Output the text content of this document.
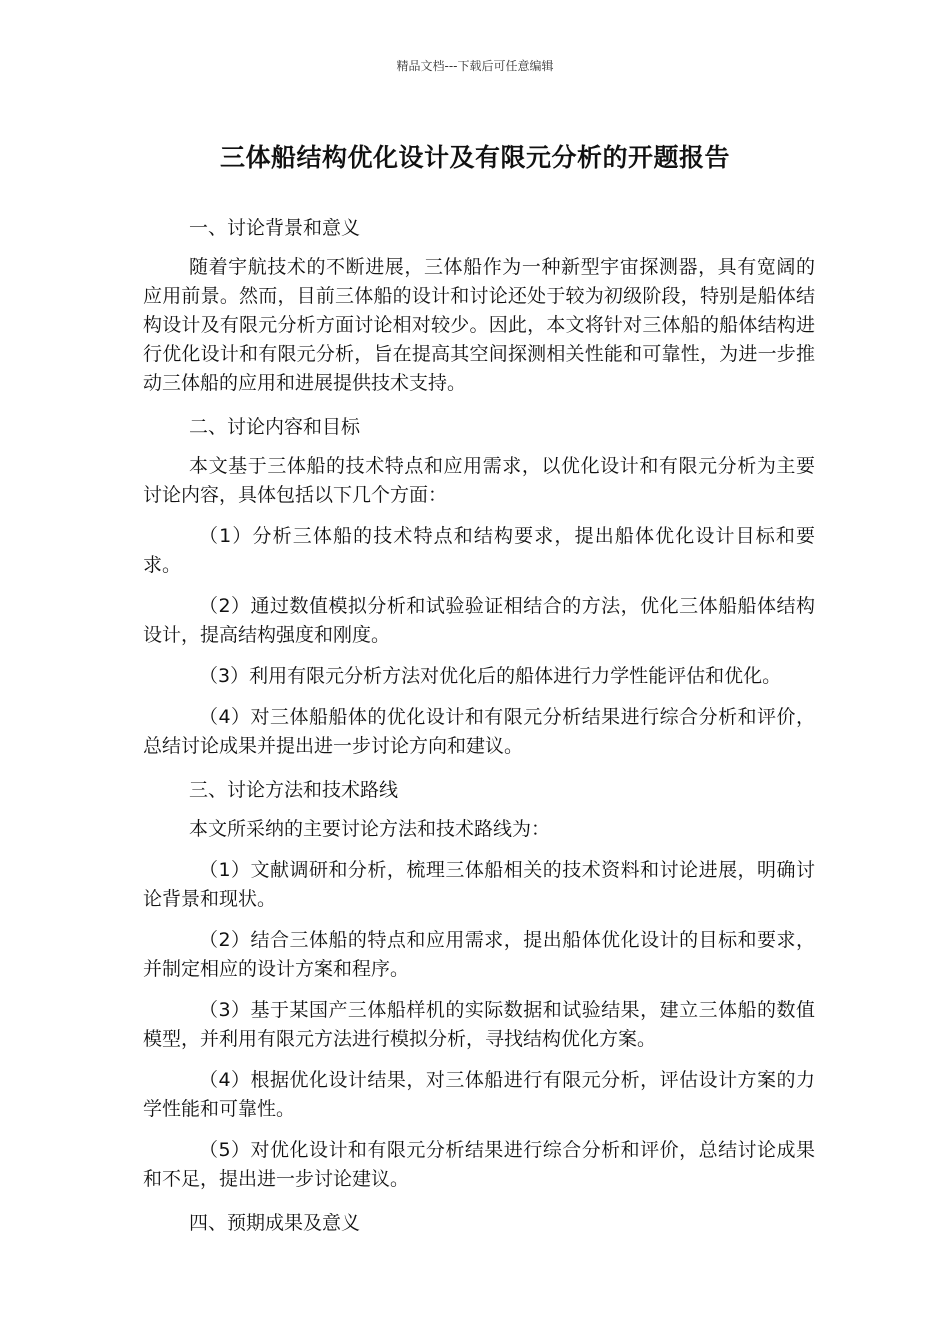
精品文档---下载后可任意编辑
三体船结构优化设计及有限元分析的开题报告

一、讨论背景和意义

随着宇航技术的不断进展，三体船作为一种新型宇宙探测器，具有宽阔的应用前景。然而，目前三体船的设计和讨论还处于较为初级阶段，特别是船体结构设计及有限元分析方面讨论相对较少。因此，本文将针对三体船的船体结构进行优化设计和有限元分析，旨在提高其空间探测相关性能和可靠性，为进一步推动三体船的应用和进展提供技术支持。

二、讨论内容和目标

本文基于三体船的技术特点和应用需求，以优化设计和有限元分析为主要讨论内容，具体包括以下几个方面：

（1）分析三体船的技术特点和结构要求，提出船体优化设计目标和要求。

（2）通过数值模拟分析和试验验证相结合的方法，优化三体船船体结构设计，提高结构强度和刚度。

（3）利用有限元分析方法对优化后的船体进行力学性能评估和优化。

（4）对三体船船体的优化设计和有限元分析结果进行综合分析和评价，总结讨论成果并提出进一步讨论方向和建议。

三、讨论方法和技术路线

本文所采纳的主要讨论方法和技术路线为：

（1）文献调研和分析，梳理三体船相关的技术资料和讨论进展，明确讨论背景和现状。

（2）结合三体船的特点和应用需求，提出船体优化设计的目标和要求，并制定相应的设计方案和程序。

（3）基于某国产三体船样机的实际数据和试验结果，建立三体船的数值模型，并利用有限元方法进行模拟分析，寻找结构优化方案。

（4）根据优化设计结果，对三体船进行有限元分析，评估设计方案的力学性能和可靠性。

（5）对优化设计和有限元分析结果进行综合分析和评价，总结讨论成果和不足，提出进一步讨论建议。

四、预期成果及意义
